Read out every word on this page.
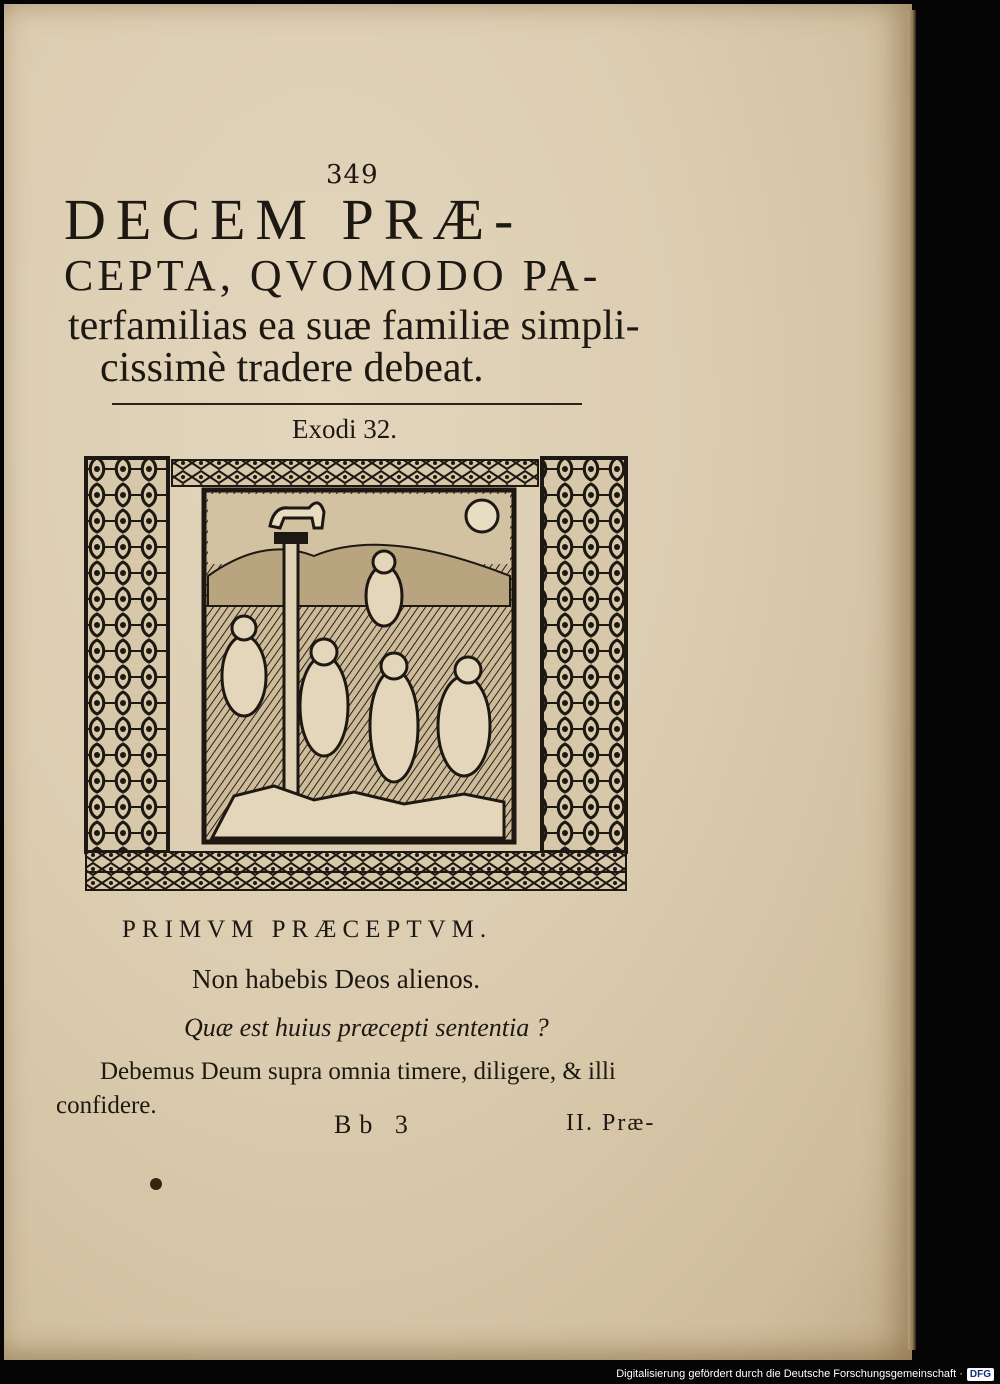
349
DECEM PRÆ-
CEPTA, QVOMODO PA-
terfamilias ea suæ familiæ simpli-
cissimè tradere debeat.
Exodi 32.
PRIMVM PRÆCEPTVM.
Non habebis Deos alienos.
Quæ est huius præcepti sententia ?
Debemus Deum supra omnia timere, diligere, & illi
confidere.
Bb 3	II. Præ-
Digitalisierung gefördert durch die Deutsche Forschungsgemeinschaft · DFG
